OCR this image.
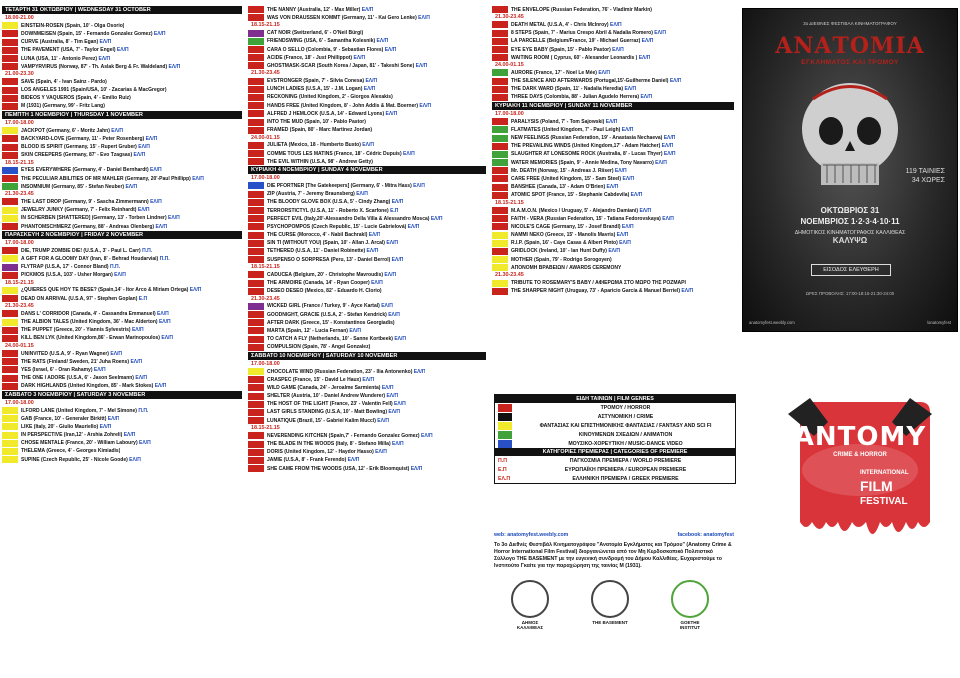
ΤΕΤΑΡΤΗ 31 ΟΚΤΩΒΡΙΟΥ | WEDNESDAY 31 OCTOBER
18.00-21.00
EINSTEIN-ROSEN (Spain, 10' - Olga Osorio)
DOWNMEISEN (Spain, 15' - Fernando Gonzalez Gomez) ΕΛ/Π
CURVE (Australia, 8' - Tim Egan) ΕΛ/Π
THE PAVEMENT (USA, 7' - Taylor Engel) ΕΛ/Π
LUNA (USA, 11' - Antonio Perez) ΕΛ/Π
VAMPYRVIRUS (Norway, 87' - Th. Aslak Berg & Fr. Waldeland) ΕΛ/Π
21.00-23.30
SAVE (Spain, 4' - Ivan Sainz - Pardo)
LOS ANGELES 1991 (Spain/USA, 10' - Zacarias & MacGregor)
BIDEOS Y VAQUEROS (Spain, 4' - Emilio Ruiz)
M (1931) (Germany, 99' - Fritz Lang)
ΠΕΜΠΤΗ 1 ΝΟΕΜΒΡΙΟΥ | THURSDAY 1 NOVEMBER
17.00-18.00
JACKPOT (Germany, 6' - Moritz Jahn) ΕΛ/Π
BACKYARD-LOVE (Germany, 11' - Peter Rosenberg) ΕΛ/Π
BLOOD IS SPIRIT (Germany, 15' - Rupert Gruber) ΕΛ/Π
SKIN CREEPERS (Germany, 87' - Evo Tzagsas) ΕΛ/Π
18.15-21.15
EYES EVERYWHERE (Germany, 4' - Daniel Bernhardt) ΕΛ/Π
THE PECULIAR ABILITIES OF MR MAHLER (Germany, 20'-Paul Phillipp) ΕΛ/Π
INSOMNIUM (Germany, 85' - Stefan Neuber) ΕΛ/Π
21.30-23.45
THE LAST DROP (Germany, 9' - Sascha Zimmermann) ΕΛ/Π
JEWELRY JUNKY (Germany, 7' - Felix Reinhardt) ΕΛ/Π
IN SCHERBEN [SHATTERED] (Germany, 13' - Torben Lindner) ΕΛ/Π
PHANTOMSCHMERZ (Germany, 88' - Andreas Olenberg) ΕΛ/Π
ΠΑΡΑΣΚΕΥΗ 2 ΝΟΕΜΒΡΙΟΥ | FRIDAY 2 NOVEMBER
17.00-18.00
DIE, TRUMP ZOMBIE DIE! (U.S.A., 3' - Paul L. Carr) Π.Π.
A GIFT FOR A GLOOMY DAY (Iran, 8' - Behrad Houdarviai) Π.Π.
FLYTRAP (U.S.A, 17' - Connor Bland) Π.Π.
PICKMOS (U.S.A, 103' - Usher Morgan) ΕΛ/Π
18.15-21.15
¿QUIERES QUE HOY TE BESE? (Spain,14' - Itor Arco & Miriam Ortega) ΕΛ/Π
DEAD ON ARRIVAL (U.S.A, 97' - Stephen Goplan) Ε.Π
21.30-23.45
DANS L' CORRIDOR (Canada, 4' - Cassandra Emmanuel) ΕΛ/Π
THE ALBION TALES (United Kingdom, 36' - Mac Alderton) ΕΛ/Π
THE PUPPET (Greece, 20' - Yiannis Sylvestris) ΕΛ/Π
KILL BEN LYK (United Kingdom,86' - Erwan Marinopoulos) ΕΛ/Π
24.00-01.15
UNINVITED (U.S.A, 9' - Ryan Wagner) ΕΛ/Π
THE RATS (Finland/ Sweden, 21' Juha Roens) ΕΛ/Π
YES (Israel, 6' - Oran Rahamy) ΕΛ/Π
THE ONE I ADORE (U.S.A, 6' - Jason Seelmann) ΕΛ/Π
DARK HIGHLANDS (United Kingdom, 85' - Mark Stokes) ΕΛ/Π
ΣΑΒΒΑΤΟ 3 ΝΟΕΜΒΡΙΟΥ | SATURDAY 3 NOVEMBER
17.00-18.00
ILFORD LANE (United Kingdom, 7' - Mel Simone) Π.Π.
GAB (France, 10' - Generaler Birkitt) ΕΛ/Π
LIKE (Italy, 20' - Giulio Mauriello) ΕΛ/Π
IN PERSPECTIVE (Iran,12' - Arshia Zohreli) ΕΛ/Π
CHOSE MENTALE (France, 20' - William Laboury) ΕΛ/Π
THELEMA (Greece, 4' - Georges Kimiadis)
SUPINE (Czech Republic, 25' - Nicole Goode) ΕΛ/Π
THE NANNY (Australia, 12' - Max Miller) ΕΛ/Π
WAS VON DRAUSSEN KOMMT (Germany, 11' - Kai Gero Lenke) ΕΛ/Π
18.15-21.15
CAT NOIR (Switzerland, 6' - O'Neil Bürgi)
FRIENDSWING (USA, 6' - Samantha Kolesnik) ΕΛ/Π
CARA O SELLO (Colombia, 9' - Sebastian Flores) ΕΛ/Π
ACIDE (France, 18' - Just Phillippot) ΕΛ/Π
GHOSTMASK-SCAR (South Korea / Japan, 81' - Takeshi Sone) ΕΛ/Π
21.30-23.45
EVSTRONGER (Spain, 7' - Silvia Conesa) ΕΛ/Π
LUNCH LADIES (U.S.A, 15' - J.M. Logan) ΕΛ/Π
RECKONING (United Kingdom, 2' - Giorgos Alexakis)
HANDS FREE (United Kingdom, 8' - John Addis & Mat. Boerner) ΕΛ/Π
ALFRED J HEMLOCK (U.S.A, 14' - Edward Lyons) ΕΛ/Π
INTO THE MUD (Spain, 10' - Pablo Pastor)
FRAMED (Spain, 80' - Marc Martinez Jordan)
24.00-01.15
JULIETA (Mexico, 18 - Humberto Busto) ΕΛ/Π
COMME TOUS LES MATINS (France, 18' - Cédric Dupuis) ΕΛ/Π
THE EVIL WITHIN (U.S.A, 98' - Andrew Getty)
ΚΥΡΙΑΚΗ 4 ΝΟΕΜΒΡΙΟΥ | SUNDAY 4 NOVEMBER
17.00-18.00
DIE PFORTNER [The Gatekeepers] (Germany, 6' - Mitra Hass) ΕΛ/Π
ZIP (Austria, 7' - Jeremy Braunsberg) ΕΛ/Π
THE BLOODY GLOVE BOX (U.S.A, 5' - Cindy Zhang) ΕΛ/Π
TERRORSTICTYL (U.S.A, 11' - Roberto X. Scarfone) Ε.Π
PERFECT EVIL (Italy,20'-Alessandro Della Villa & Alessandro Mosca) ΕΛ/Π
PSYCHOPOMPOS (Czech Republic, 15' - Lucie Gabrielová) ΕΛ/Π
THE CURSE (Morocco, 4' - Nabil Bachrakl) ΕΛ/Π
SIN TI (WITHOUT YOU) (Spain, 10' - Allan J. Arcal) ΕΛ/Π
TETHERED (U.S.A, 11' - Daniel Robinette) ΕΛ/Π
SUSPENSO O SORPRESA (Peru, 13' - Daniel Berrol) ΕΛ/Π
18.15-21.15
CADUCEA (Belgium, 20' - Christophe Mavroudis) ΕΛ/Π
THE ARMOIRE (Canada, 14' - Ryan Cooper) ΕΛ/Π
DESEO DESEO (Mexico, 82' - Eduardo H. Clorio)
21.30-23.45
WICKED GIRL (France / Turkey, 9' - Ayce Kartal) ΕΛ/Π
GOODNIGHT, GRACIE (U.S.A, 2' - Stefan Kendrick) ΕΛ/Π
AFTER DARK (Greece, 15' - Konstantinos Georgiadis)
MARTA (Spain, 12' - Lucia Fernan) ΕΛ/Π
TO CATCH A FLY (Netherlands, 10' - Sanne Kortbeek) ΕΛ/Π
COMPULSION (Spain, 78' - Angel Gonzalez)
ΣΑΒΒΑΤΟ 10 ΝΟΕΜΒΡΙΟΥ | SATURDAY 10 NOVEMBER
17.00-18.00
CHOCOLATE WIND (Russian Federation, 23' - Ilia Antonenko) ΕΛ/Π
CRASPEC (France, 15' - David Le Haux) ΕΛ/Π
WILD GAME (Canada, 24' - Jeroalme Sarmienta) ΕΛ/Π
SHELTER (Austria, 10' - Daniel Andrew Wunderer) ΕΛ/Π
THE HOST OF THE LIGHT (France, 23' - Valentin Fell) ΕΛ/Π
LAST GIRLS STANDING (U.S.A, 10' - Matt Bowling) ΕΛ/Π
LUNATIQUE (Brazil, 15' - Gabriel Kalim Muccl) ΕΛ/Π
18.15-21.15
NEVERENDING KITCHEN (Spain,7' - Fernando Gonzalez Gomez) ΕΛ/Π
THE BLADE IN THE WOODS (Italy, 8' - Stefano Milla) ΕΛ/Π
DORIS (United Kingdom, 12' - Haydor Hasso) ΕΛ/Π
JAMIE (U.S.A, 8' - Frank Ferendo) ΕΛ/Π
SHE CAME FROM THE WOODS (USA, 12' - Erik Bloomquist) ΕΛ/Π
THE ENVELOPE (Russian Federation, 76' - Vladimir Markin)
21.30-23.45
DEATH METAL (U.S.A, 4' - Chris McInroy) ΕΛ/Π
8 STEPS (Spain, 7' - Marius Crespo Abril & Nadalia Romero) ΕΛ/Π
LA PARCELLE (Belgium/France, 19' - Michael Guerraz) ΕΛ/Π
EYE EYE BABY (Spain, 15' - Pablo Pastor) ΕΛ/Π
WAITING ROOM ( Cyprus, 60' - Alexander Leonardis ) ΕΛ/Π
24.00-01.15
AURORE (France, 17' - Noel Le Mée) ΕΛ/Π
THE SILENCE AND AFTERWARDS (Portugal,15'-Guilherme Daniel) ΕΛ/Π
THE DARK WARD (Spain, 11' - Nadalia Heredia) ΕΛ/Π
THREE DAYS (Colombia, 88' - Julian Agudelo Herrera) ΕΛ/Π
ΚΥΡΙΑΚΗ 11 ΝΟΕΜΒΡΙΟΥ | SUNDAY 11 NOVEMBER
17.00-18.00
PARALYSIS (Poland, 7' - Tom Sajowski) ΕΛ/Π
FLATMATES (United Kingdom, 7' - Paul Leigh) ΕΛ/Π
NEW FEELINGS (Russian Federation, 19' - Anastasia Nechaeva) ΕΛ/Π
THE PREVAILING WINDS (United Kingdom,17' - Adam Hatcher) ΕΛ/Π
SLAUGHTER AT LONESOME ROCK (Australia, 8' - Lucas Thyer) ΕΛ/Π
WATER MEMORIES (Spain, 9' - Annie Medina, Tony Navarro) ΕΛ/Π
Mr. DEATH (Norway, 15' - Andreas J. Riiser) ΕΛ/Π
CARE FREE (United Kingdom, 15' - Sam Steel) ΕΛ/Π
BANSHEE (Canada, 13' - Adam O'Brien) ΕΛ/Π
ATOMIC SPOT (France, 15' - Stephanie Cabdevila) ΕΛ/Π
18.15-21.15
M.A.M.O.N. (Mexico / Uruguay, 5' - Alejandro Damiani) ΕΛ/Π
FAITH - VERA (Russian Federation, 15' - Tatiana Fedorovskaya) ΕΛ/Π
NICOLE'S CAGE (Germany, 15' - Josef Brandl) ΕΛ/Π
NAMMI NEKO (Greece, 15' - Manolis Mavris) ΕΛ/Π
R.I.P. (Spain, 16' - Caye Casas & Albert Pinto) ΕΛ/Π
GRIDLOCK (Ireland, 10' - Ian Hunt Duffy) ΕΛ/Π
MOTHER (Spain, 79' - Rodrigo Sorogoyen)
ΑΠΟΝΟΜΗ ΒΡΑΒΕΙΩΝ / AWARDS CEREMONY
21.30-23.45
TRIBUTE TO ROSEMARY'S BABY / ΑΦΙΕΡΩΜΑ ΣΤΟ ΜΩΡΟ ΤΗΣ ΡΟΖΜΑΡΙ
THE SHARPER NIGHT (Uruguay, 73' - Aparicio García & Manuel Berriel) ΕΛ/Π
3ο ΔΙΕΘΝΕΣ ΦΕΣΤΙΒΑΛ ΚΙΝΗΜΑΤΟΓΡΑΦΟΥ
ΑΝΑΤΟΜΙΑ
ΕΓΚΛΗΜΑΤΟΣ ΚΑΙ ΤΡΟΜΟΥ
119 ΤΑΙΝΙΕΣ
34 ΧΩΡΕΣ
ΟΚΤΩΒΡΙΟΣ 31
ΝΟΕΜΒΡΙΟΣ 1·2·3·4·10·11
ΔΗΜΟΤΙΚΟΣ ΚΙΝΗΜΑΤΟΓΡΑΦΟΣ ΚΑΛΛΙΘΕΑΣ
ΚΑΛΥΨΩ
ΕΙΣΟΔΟΣ ΕΛΕΥΘΕΡΗ
ΩΡΕΣ ΠΡΟΒΟΛΗΣ: 17:00-18:15-21:30-24:00
anatomyfest.weebly.com	/anatomyfest
ANTOMY
CRIME & HORROR
INTERNATIONAL
FILM
FESTIVAL
ΕΙΔΗ ΤΑΙΝΙΩΝ | FILM GENRES
ΤΡΟΜΟΥ / HORROR
ΑΣΤΥΝΟΜΙΚΗ / CRIME
ΦΑΝΤΑΣΙΑΣ ΚΑΙ ΕΠΙΣΤΗΜΟΝΙΚΗΣ ΦΑΝΤΑΣΙΑΣ / FANTASY AND SCI FI
ΚΙΝΟΥΜΕΝΩΝ ΣΧΕΔΙΩΝ / ANIMATION
ΜΟΥΣΙΚΟ-ΧΟΡΕΥΤΙΚΗ / MUSIC-DANCE VIDEO
ΚΑΤΗΓΟΡΙΕΣ ΠΡΕΜΙΕΡΑΣ | CATEGORIES OF PREMIERE
Π.Π	ΠΑΓΚΟΣΜΙΑ ΠΡΕΜΙΕΡΑ / WORLD PREMIERE
Ε.Π	ΕΥΡΩΠΑΪΚΗ ΠΡΕΜΙΕΡΑ / EUROPEAN PREMIERE
ΕΛ.Π	ΕΛΛΗΝΙΚΗ ΠΡΕΜΙΕΡΑ / GREEK PREMIERE
web: anatomyfest.weebly.com	facebook: anatomyfest
Το 3o Διεθνές Φεστιβάλ Κινηματογράφου "Ανατομία Εγκλήματος και Τρόμου" (Anatomy Crime & Horror International Film Festival) διοργανώνεται από τον Μη Κερδοσκοπικό Πολιτιστικό Σύλλογο THE BASEMENT με την ευγενική συνδρομή του Δήμου Καλλιθέας. Ευχαριστούμε το Ινστιτούτο Γκαίτε για την παραχώρηση της ταινίας M (1931).
ΔΗΜΟΣ ΚΑΛΛΙΘΕΑΣ
THE BASEMENT	GOETHE INSTITUT
